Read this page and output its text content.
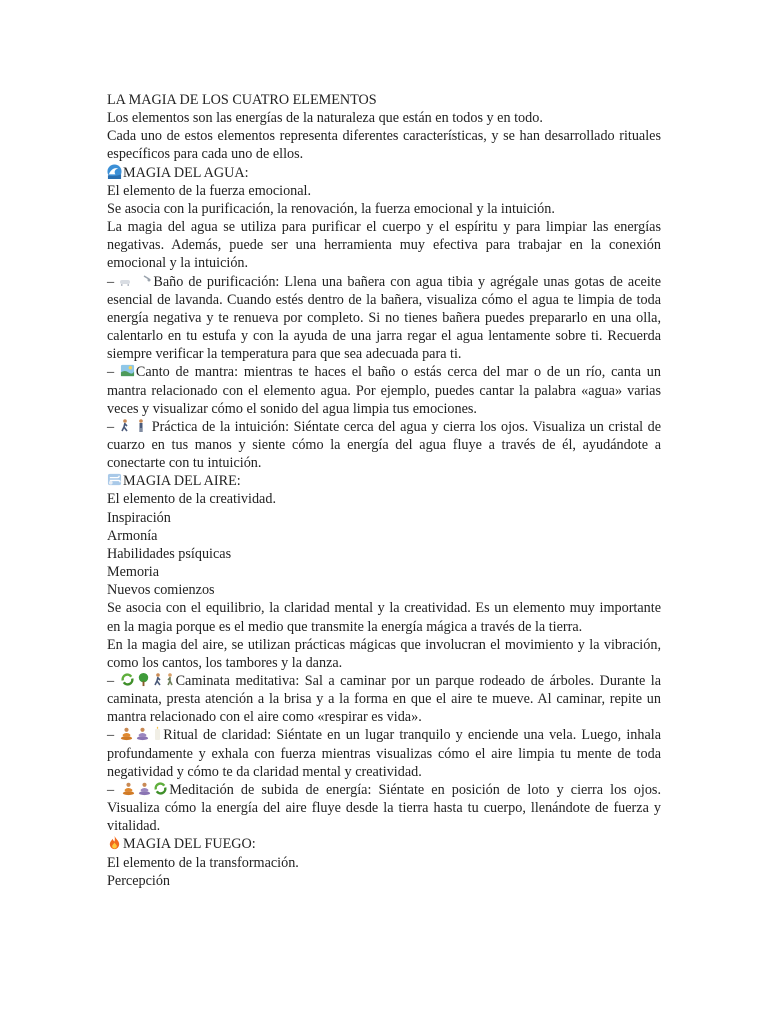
LA MAGIA DE LOS CUATRO ELEMENTOS

Los elementos son las energías de la naturaleza que están en todos y en todo.

Cada uno de estos elementos representa diferentes características, y se han desarrollado rituales específicos para cada uno de ellos.

MAGIA DEL AGUA:

El elemento de la fuerza emocional.

Se asocia con la purificación, la renovación, la fuerza emocional y la intuición.

La magia del agua se utiliza para purificar el cuerpo y el espíritu y para limpiar las energías negativas. Además, puede ser una herramienta muy efectiva para trabajar en la conexión emocional y la intuición.

–
	Baño de purificación: Llena una bañera con agua tibia y agrégale unas gotas de aceite esencial de lavanda. Cuando estés dentro de la bañera, visualiza cómo el agua te limpia de toda energía negativa y te renueva por completo. Si no tienes bañera puedes prepararlo en una olla, calentarlo en tu estufa y con la ayuda de una jarra regar el agua lentamente sobre ti. Recuerda siempre verificar la temperatura para que sea adecuada para ti.

– Canto de mantra: mientras te haces el baño o estás cerca del mar o de un río, canta un mantra relacionado con el elemento agua. Por ejemplo, puedes cantar la palabra «agua» varias veces y visualizar cómo el sonido del agua limpia tus emociones.

–
	Práctica de la intuición: Siéntate cerca del agua y cierra los ojos. Visualiza un cristal de cuarzo en tus manos y siente cómo la energía del agua fluye a través de él, ayudándote a conectarte con tu intuición.

MAGIA DEL AIRE:

El elemento de la creatividad.

Inspiración

Armonía

Habilidades psíquicas

Memoria

Nuevos comienzos

Se asocia con el equilibrio, la claridad mental y la creatividad. Es un elemento muy importante en la magia porque es el medio que transmite la energía mágica a través de la tierra.

En la magia del aire, se utilizan prácticas mágicas que involucran el movimiento y la vibración, como los cantos, los tambores y la danza.

–	Caminata meditativa: Sal a caminar por un parque rodeado de árboles. Durante la caminata, presta atención a la brisa y a la forma en que el aire te mueve. Al caminar, repite un mantra relacionado con el aire como «respirar es vida».

–	Ritual de claridad: Siéntate en un lugar tranquilo y enciende una vela. Luego, inhala profundamente y exhala con fuerza mientras visualizas cómo el aire limpia tu mente de toda negatividad y cómo te da claridad mental y creatividad.

–	Meditación de subida de energía: Siéntate en posición de loto y cierra los ojos. Visualiza cómo la energía del aire fluye desde la tierra hasta tu cuerpo, llenándote de fuerza y vitalidad.

MAGIA DEL FUEGO:

El elemento de la transformación.

Percepción
